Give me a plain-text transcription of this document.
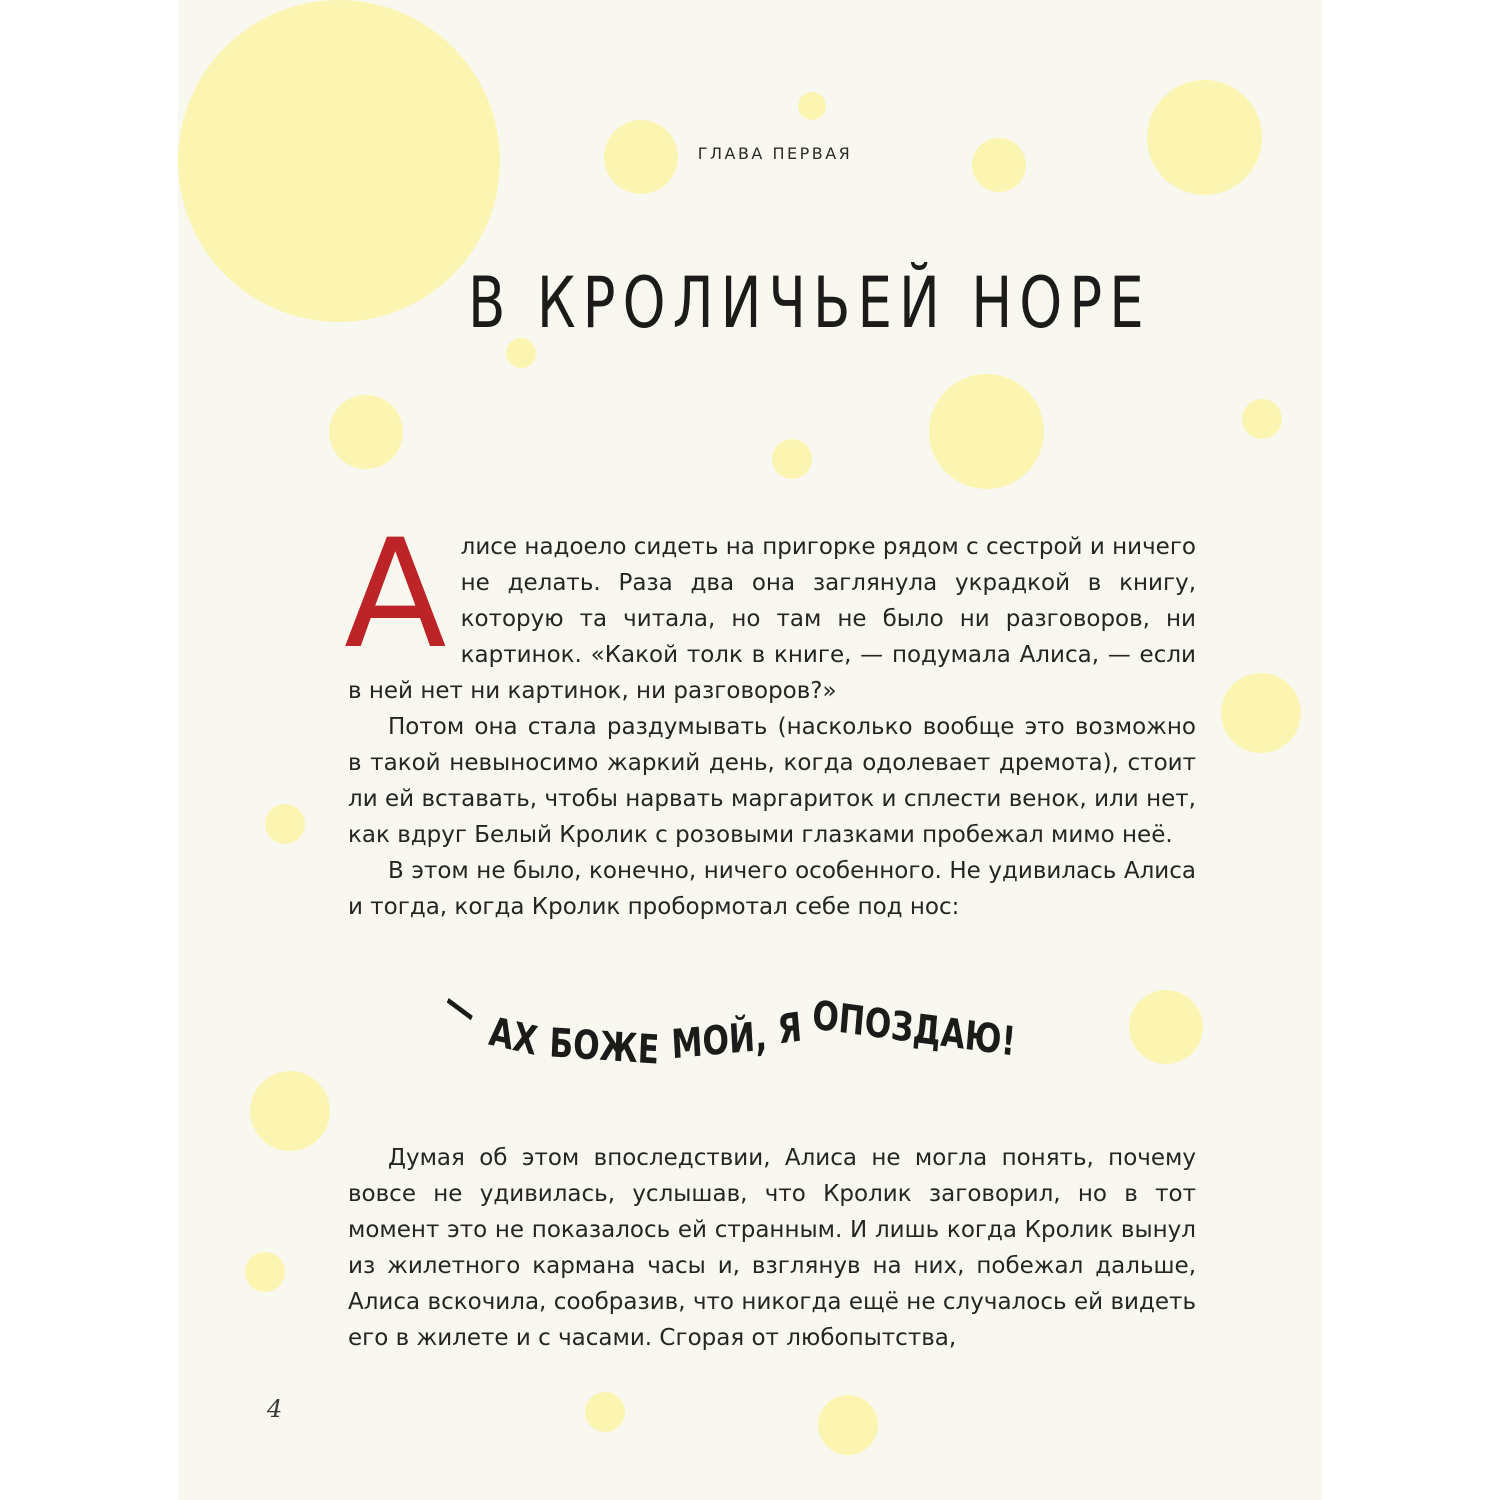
ГЛАВА ПЕРВАЯ
В КРОЛИЧЬЕЙ НОРЕ

Алисе надоело сидеть на пригорке рядом с сестрой и ничего не делать. Раза два она заглянула украдкой в книгу, которую та читала, но там не было ни разговоров, ни картинок. «Какой толк в книге, — подумала Алиса, — если в ней нет ни картинок, ни разговоров?»

Потом она стала раздумывать (насколько вообще это возможно в такой невыносимо жаркий день, когда одолевает дремота), стоит ли ей вставать, чтобы нарвать маргариток и сплести венок, или нет, как вдруг Белый Кролик с розовыми глазками пробежал мимо неё.

В этом не было, конечно, ничего особенного. Не удивилась Алиса и тогда, когда Кролик пробормотал себе под нос:

— АХ БОЖЕ МОЙ, Я ОПОЗДАЮ!

Думая об этом впоследствии, Алиса не могла понять, почему вовсе не удивилась, услышав, что Кролик заговорил, но в тот момент это не показалось ей странным. И лишь когда Кролик вынул из жилетного кармана часы и, взглянув на них, побежал дальше, Алиса вскочила, сообразив, что никогда ещё не случалось ей видеть его в жилете и с часами. Сгорая от любопытства,

4
